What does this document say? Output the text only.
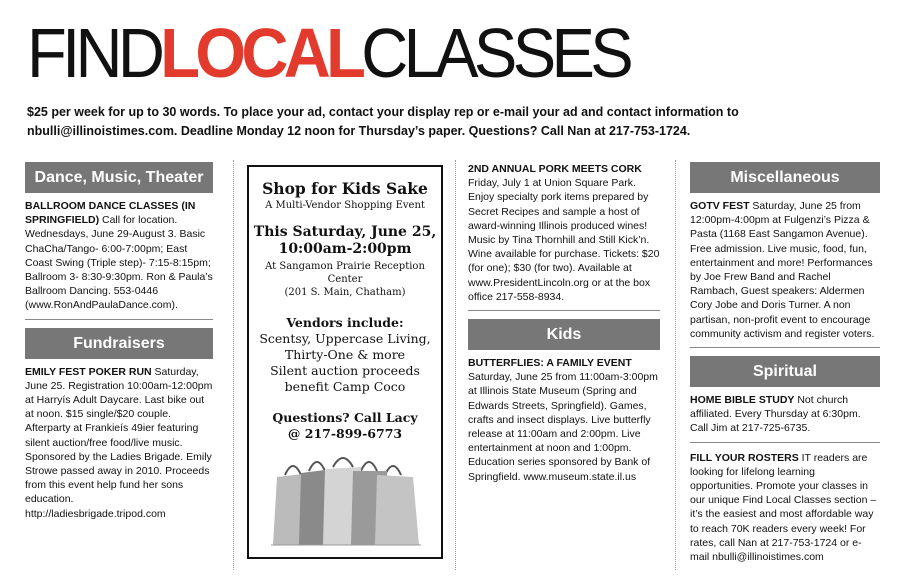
FIND LOCAL CLASSES
$25 per week for up to 30 words. To place your ad, contact your display rep or e-mail your ad and contact information to nbulli@illinoistimes.com. Deadline Monday 12 noon for Thursday’s paper. Questions? Call Nan at 217-753-1724.
Dance, Music, Theater
BALLROOM DANCE CLASSES (IN SPRINGFIELD) Call for location. Wednesdays, June 29-August 3. Basic ChaCha/Tango- 6:00-7:00pm; East Coast Swing (Triple step)- 7:15-8:15pm; Ballroom 3- 8:30-9:30pm. Ron & Paula’s Ballroom Dancing. 553-0446 (www.RonAndPaulaDance.com).
Fundraisers
EMILY FEST POKER RUN Saturday, June 25. Registration 10:00am-12:00pm at Harryís Adult Daycare. Last bike out at noon. $15 single/$20 couple. Afterparty at Frankieís 49ier featuring silent auction/free food/live music. Sponsored by the Ladies Brigade. Emily Strowe passed away in 2010. Proceeds from this event help fund her sons education. http://ladiesbrigade.tripod.com
Shop for Kids Sake
A Multi-Vendor Shopping Event
This Saturday, June 25,
10:00am-2:00pm
At Sangamon Prairie Reception Center
(201 S. Main, Chatham)
Vendors include:
Scentsy, Uppercase Living,
Thirty-One & more
Silent auction proceeds
benefit Camp Coco
Questions? Call Lacy
@ 217-899-6773
2ND ANNUAL PORK MEETS CORK
Friday, July 1 at Union Square Park. Enjoy specialty pork items prepared by Secret Recipes and sample a host of award-winning Illinois produced wines! Music by Tina Thornhill and Still Kick’n. Wine available for purchase. Tickets: $20 (for one); $30 (for two). Available at www.PresidentLincoln.org or at the box office 217-558-8934.
Kids
BUTTERFLIES: A FAMILY EVENT
Saturday, June 25 from 11:00am-3:00pm at Illinois State Museum (Spring and Edwards Streets, Springfield). Games, crafts and insect displays. Live butterfly release at 11:00am and 2:00pm. Live entertainment at noon and 1:00pm. Education series sponsored by Bank of Springfield. www.museum.state.il.us
Miscellaneous
GOTV FEST Saturday, June 25 from 12:00pm-4:00pm at Fulgenzi’s Pizza & Pasta (1168 East Sangamon Avenue). Free admission. Live music, food, fun, entertainment and more! Performances by Joe Frew Band and Rachel Rambach, Guest speakers: Aldermen Cory Jobe and Doris Turner. A non partisan, non-profit event to encourage community activism and register voters.
Spiritual
HOME BIBLE STUDY Not church affiliated. Every Thursday at 6:30pm. Call Jim at 217-725-6735.
FILL YOUR ROSTERS IT readers are looking for lifelong learning opportunities. Promote your classes in our unique Find Local Classes section – it’s the easiest and most affordable way to reach 70K readers every week! For rates, call Nan at 217-753-1724 or e-mail nbulli@illinoistimes.com
